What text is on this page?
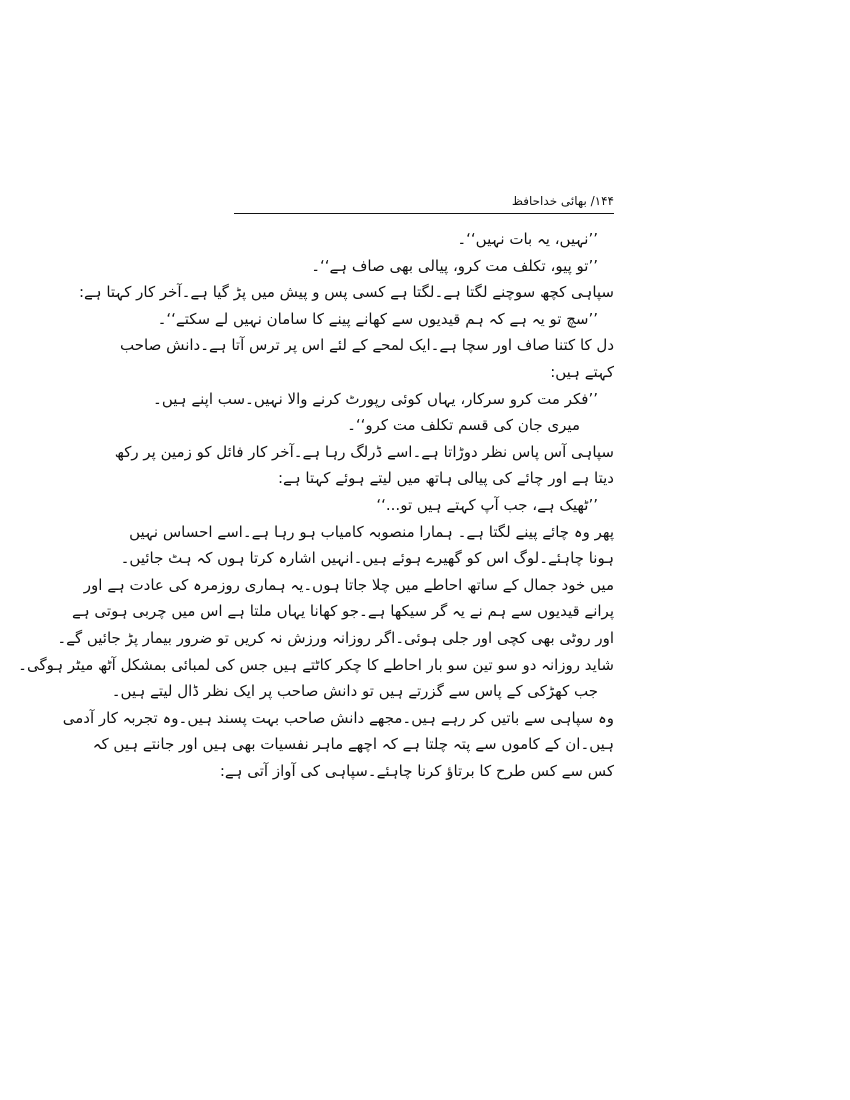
۱۴۴/ بھائی خداحافظ
’’نہیں، یہ بات نہیں‘‘۔
’’تو پیو، تکلف مت کرو، پیالی بھی صاف ہے‘‘۔
سپاہی کچھ سوچنے لگتا ہے۔لگتا ہے کسی پس و پیش میں پڑ گیا ہے۔آخر کار کہتا ہے:
’’سچ تو یہ ہے کہ ہم قیدیوں سے کھانے پینے کا سامان نہیں لے سکتے‘‘۔
دل کا کتنا صاف اور سچا ہے۔ایک لمحے کے لئے اس پر ترس آتا ہے۔دانش صاحب
کہتے ہیں:
’’فکر مت کرو سرکار، یہاں کوئی رپورٹ کرنے والا نہیں۔سب اپنے ہیں۔
میری جان کی قسم تکلف مت کرو‘‘۔
سپاہی آس پاس نظر دوڑاتا ہے۔اسے ڈرلگ رہا ہے۔آخر کار فائل کو زمین پر رکھ
دیتا ہے اور چائے کی پیالی ہاتھ میں لیتے ہوئے کہتا ہے:
’’ٹھیک ہے، جب آپ کہتے ہیں تو...‘‘
پھر وہ چائے پینے لگتا ہے۔ ہمارا منصوبہ کامیاب ہو رہا ہے۔اسے احساس نہیں
ہونا چاہئے۔لوگ اس کو گھیرے ہوئے ہیں۔انہیں اشارہ کرتا ہوں کہ ہٹ جائیں۔
میں خود جمال کے ساتھ احاطے میں چلا جاتا ہوں۔یہ ہماری روزمرہ کی عادت ہے اور
پرانے قیدیوں سے ہم نے یہ گر سیکھا ہے۔جو کھانا یہاں ملتا ہے اس میں چربی ہوتی ہے
اور روٹی بھی کچی اور جلی ہوئی۔اگر روزانہ ورزش نہ کریں تو ضرور بیمار پڑ جائیں گے۔
شاید روزانہ دو سو تین سو بار احاطے کا چکر کاٹتے ہیں جس کی لمبائی بمشکل آٹھ میٹر ہوگی۔
جب کھڑکی کے پاس سے گزرتے ہیں تو دانش صاحب پر ایک نظر ڈال لیتے ہیں۔
وہ سپاہی سے باتیں کر رہے ہیں۔مجھے دانش صاحب بہت پسند ہیں۔وہ تجربہ کار آدمی
ہیں۔ان کے کاموں سے پتہ چلتا ہے کہ اچھے ماہر نفسیات بھی ہیں اور جانتے ہیں کہ
کس سے کس طرح کا برتاؤ کرنا چاہئے۔سپاہی کی آواز آتی ہے:
